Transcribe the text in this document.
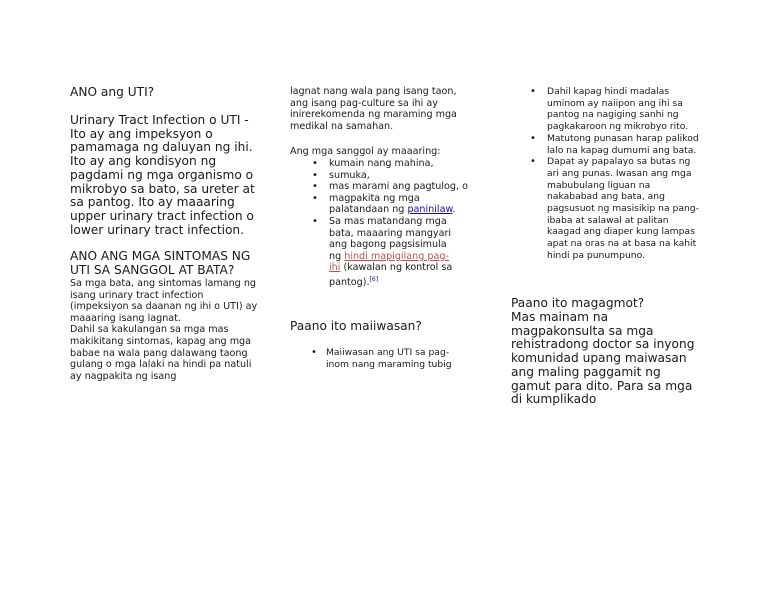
ANO ang UTI?

Urinary Tract Infection o UTI - Ito ay ang impeksyon o pamamaga ng daluyan ng ihi. Ito ay ang kondisyon ng pagdami ng mga organismo o mikrobyo sa bato, sa ureter at sa pantog. Ito ay maaaring upper urinary tract infection o lower urinary tract infection.

ANO ANG MGA SINTOMAS NG UTI SA SANGGOL AT BATA?

Sa mga bata, ang sintomas lamang ng isang urinary tract infection (impeksiyon sa daanan ng ihi o UTI) ay maaaring isang lagnat.

Dahil sa kakulangan sa mga mas makikitang sintomas, kapag ang mga babae na wala pang dalawang taong gulang o mga lalaki na hindi pa natuli ay nagpakita ng isang

lagnat nang wala pang isang taon, ang isang pag-culture sa ihi ay inirerekomenda ng maraming mga medikal na samahan.

Ang mga sanggol ay maaaring:

• kumain nang mahina,
• sumuka,
• mas marami ang pagtulog, o
• magpakita ng mga palatandaan ng paninilaw.
• Sa mas matandang mga bata, maaaring mangyari ang bagong pagsisimula ng hindi mapigilang pag-ihi (kawalan ng kontrol sa pantog).[6]

Paano ito maiiwasan?

• Maiiwasan ang UTI sa pag-inom nang maraming tubig
• Dahil kapag hindi madalas uminom ay naiipon ang ihi sa pantog na nagiging sanhi ng pagkakaroon ng mikrobyo rito.
• Matutong punasan harap palikod lalo na kapag dumumi ang bata.
• Dapat ay papalayo sa butas ng ari ang punas. Iwasan ang mga mabubulang liguan na nakababad ang bata, ang pagsusuot ng masisikip na pang-ibaba at salawal at palitan kaagad ang diaper kung lampas apat na oras na at basa na kahit hindi pa punumpuno.

Paano ito magagmot?

Mas mainam na magpakonsulta sa mga rehistradong doctor sa inyong komunidad upang maiwasan ang maling paggamit ng gamut para dito. Para sa mga di kumplikado
